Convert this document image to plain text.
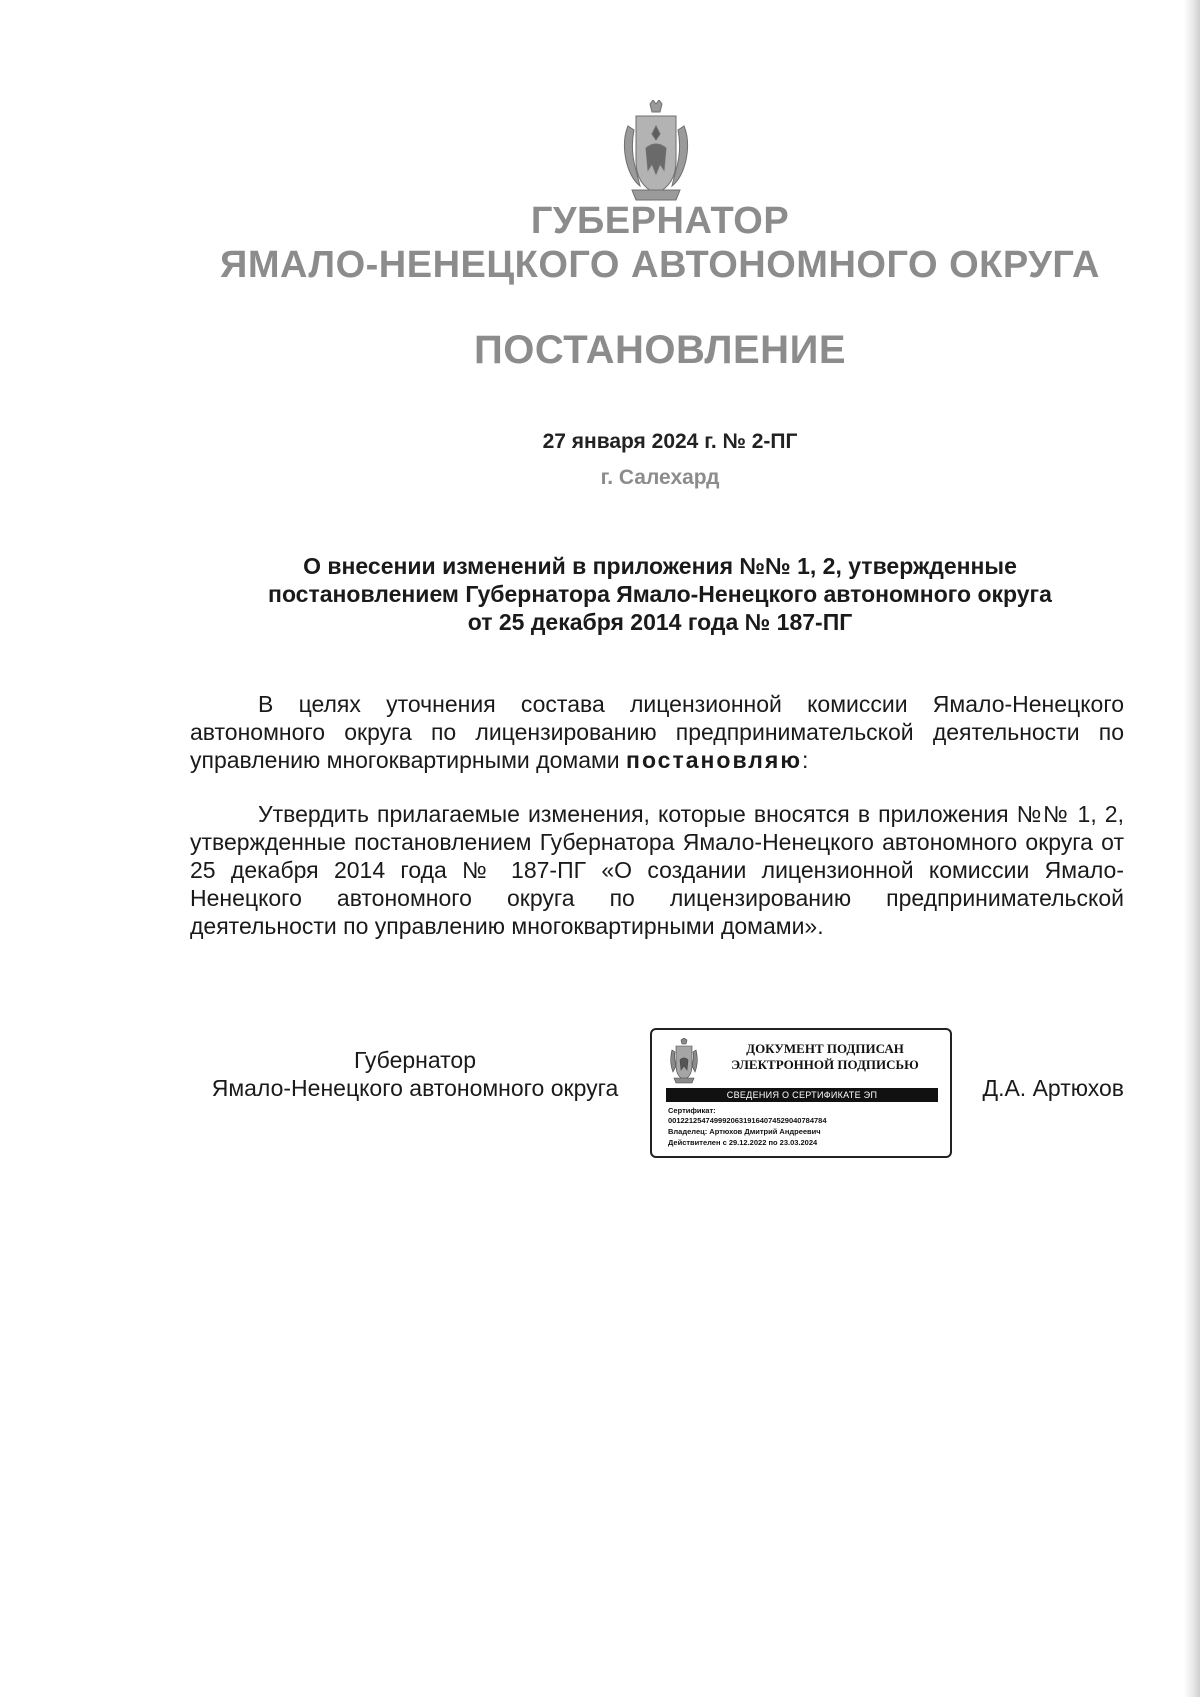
ГУБЕРНАТОР
ЯМАЛО-НЕНЕЦКОГО АВТОНОМНОГО ОКРУГА
ПОСТАНОВЛЕНИЕ
27 января 2024 г. № 2-ПГ
г. Салехард
О внесении изменений в приложения №№ 1, 2, утвержденные
постановлением Губернатора Ямало-Ненецкого автономного округа
от 25 декабря 2014 года № 187-ПГ
В целях уточнения состава лицензионной комиссии Ямало-Ненецкого автономного округа по лицензированию предпринимательской деятельности по управлению многоквартирными домами постановляю:
Утвердить прилагаемые изменения, которые вносятся в приложения №№ 1, 2, утвержденные постановлением Губернатора Ямало-Ненецкого автономного округа от 25 декабря 2014 года № 187-ПГ «О создании лицензионной комиссии Ямало-Ненецкого автономного округа по лицензированию предпринимательской деятельности по управлению многоквартирными домами».
Губернатор
Ямало-Ненецкого автономного округа
ДОКУМЕНТ ПОДПИСАН
ЭЛЕКТРОННОЙ ПОДПИСЬЮ
СВЕДЕНИЯ О СЕРТИФИКАТЕ ЭП
Сертификат:
00122125474999206319164074529040784784
Владелец: Артюхов Дмитрий Андреевич
Действителен с 29.12.2022 по 23.03.2024
Д.А. Артюхов
